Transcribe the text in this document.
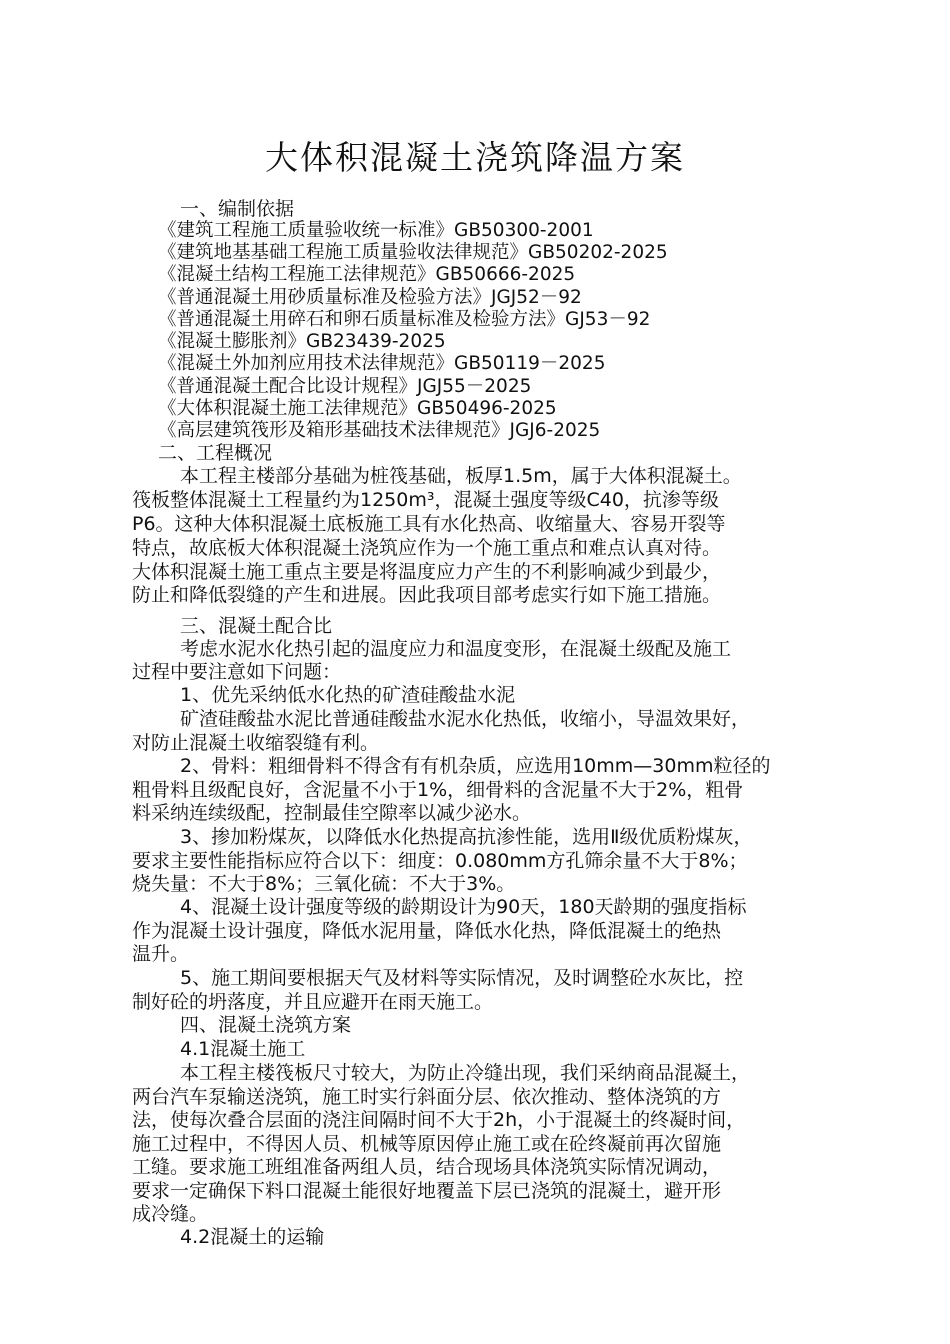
大体积混凝土浇筑降温方案
一、编制依据
《建筑工程施工质量验收统一标准》GB50300-2001
《建筑地基基础工程施工质量验收法律规范》GB50202-2025
《混凝土结构工程施工法律规范》GB50666-2025
《普通混凝土用砂质量标准及检验方法》JGJ52－92
《普通混凝土用碎石和卵石质量标准及检验方法》GJ53－92
《混凝土膨胀剂》GB23439-2025
《混凝土外加剂应用技术法律规范》GB50119－2025
《普通混凝土配合比设计规程》JGJ55－2025
《大体积混凝土施工法律规范》GB50496-2025
《高层建筑筏形及箱形基础技术法律规范》JGJ6-2025
二、工程概况
本工程主楼部分基础为桩筏基础，板厚1.5m，属于大体积混凝土。
筏板整体混凝土工程量约为1250m³，混凝土强度等级C40，抗渗等级
P6。这种大体积混凝土底板施工具有水化热高、收缩量大、容易开裂等
特点，故底板大体积混凝土浇筑应作为一个施工重点和难点认真对待。
大体积混凝土施工重点主要是将温度应力产生的不利影响减少到最少，
防止和降低裂缝的产生和进展。因此我项目部考虑实行如下施工措施。
三、混凝土配合比
考虑水泥水化热引起的温度应力和温度变形，在混凝土级配及施工
过程中要注意如下问题：
1、优先采纳低水化热的矿渣硅酸盐水泥
矿渣硅酸盐水泥比普通硅酸盐水泥水化热低，收缩小，导温效果好，
对防止混凝土收缩裂缝有利。
2、骨料：粗细骨料不得含有有机杂质，应选用10mm—30mm粒径的
粗骨料且级配良好，含泥量不小于1%，细骨料的含泥量不大于2%，粗骨
料采纳连续级配，控制最佳空隙率以减少泌水。
3、掺加粉煤灰，以降低水化热提高抗渗性能，选用Ⅱ级优质粉煤灰，
要求主要性能指标应符合以下：细度：0.080mm方孔筛余量不大于8%；
烧失量：不大于8%；三氧化硫：不大于3%。
4、混凝土设计强度等级的龄期设计为90天，180天龄期的强度指标
作为混凝土设计强度，降低水泥用量，降低水化热，降低混凝土的绝热
温升。
5、施工期间要根据天气及材料等实际情况，及时调整砼水灰比，控
制好砼的坍落度，并且应避开在雨天施工。
四、混凝土浇筑方案
4.1混凝土施工
本工程主楼筏板尺寸较大，为防止冷缝出现，我们采纳商品混凝土，
两台汽车泵输送浇筑，施工时实行斜面分层、依次推动、整体浇筑的方
法，使每次叠合层面的浇注间隔时间不大于2h，小于混凝土的终凝时间，
施工过程中，不得因人员、机械等原因停止施工或在砼终凝前再次留施
工缝。要求施工班组准备两组人员，结合现场具体浇筑实际情况调动，
要求一定确保下料口混凝土能很好地覆盖下层已浇筑的混凝土，避开形
成冷缝。
4.2混凝土的运输
